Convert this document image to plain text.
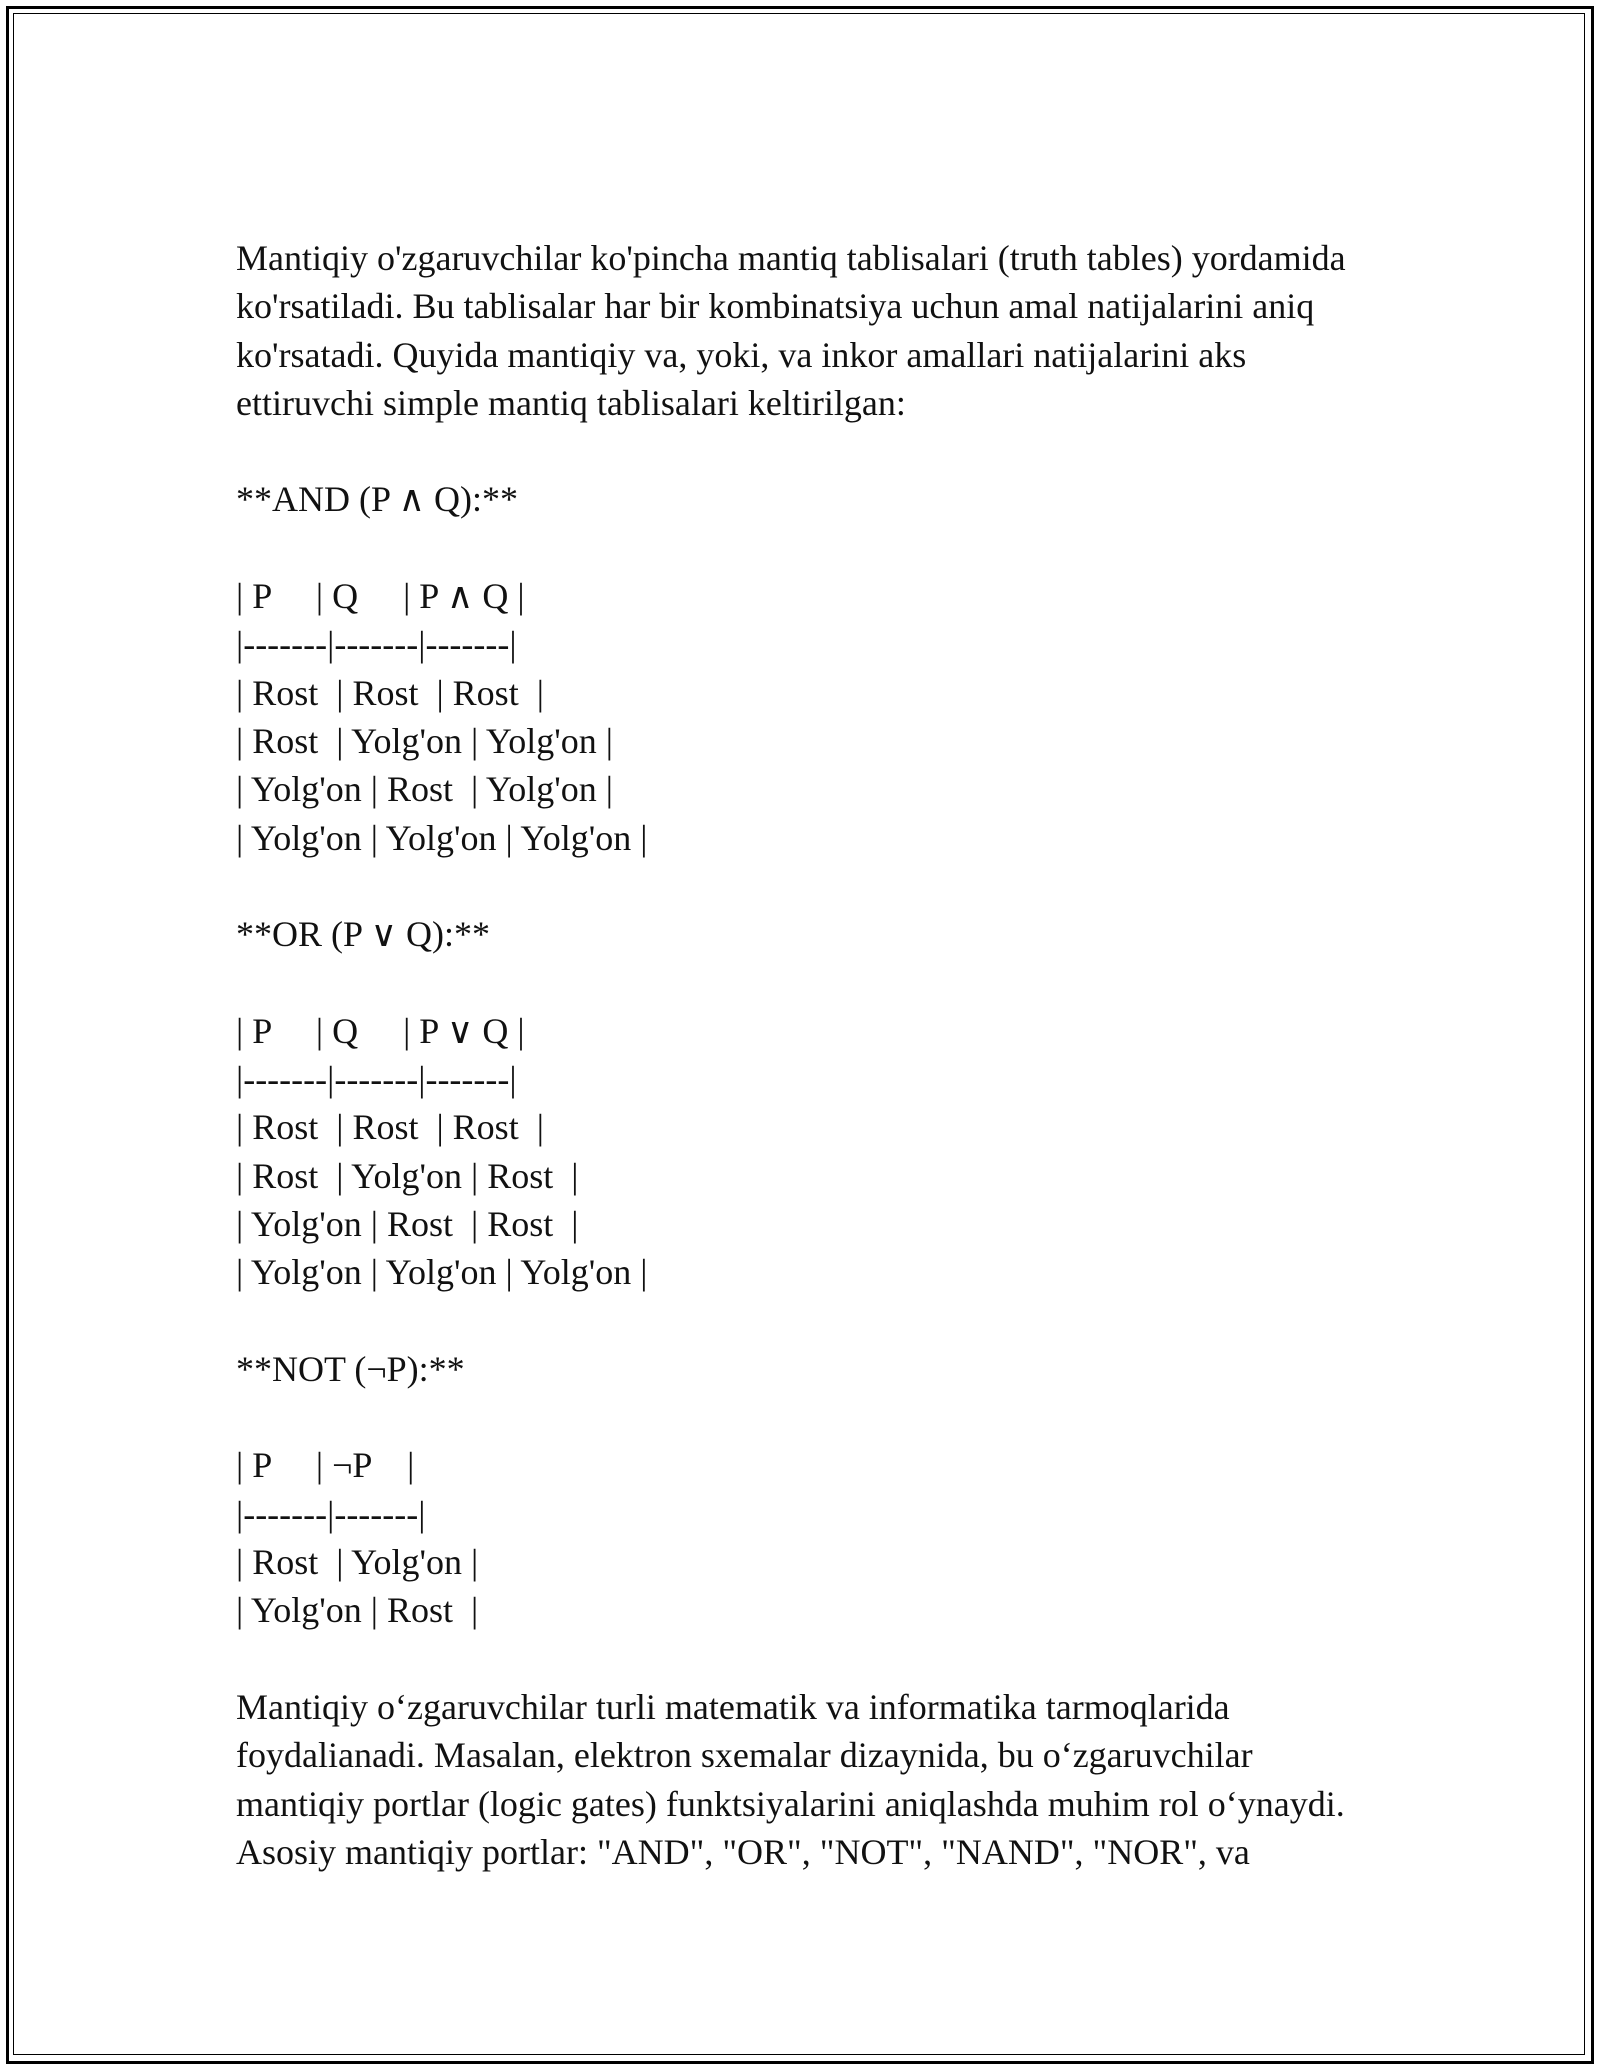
Mantiqiy o'zgaruvchilar ko'pincha mantiq tablisalari (truth tables) yordamida
ko'rsatiladi. Bu tablisalar har bir kombinatsiya uchun amal natijalarini aniq
ko'rsatadi. Quyida mantiqiy va, yoki, va inkor amallari natijalarini aks
ettiruvchi simple mantiq tablisalari keltirilgan:
**AND (P ∧ Q):**
| P     | Q     | P ∧ Q |
|-------|-------|-------|
| Rost  | Rost  | Rost  |
| Rost  | Yolg'on | Yolg'on |
| Yolg'on | Rost  | Yolg'on |
| Yolg'on | Yolg'on | Yolg'on |
**OR (P ∨ Q):**
| P     | Q     | P ∨ Q |
|-------|-------|-------|
| Rost  | Rost  | Rost  |
| Rost  | Yolg'on | Rost  |
| Yolg'on | Rost  | Rost  |
| Yolg'on | Yolg'on | Yolg'on |
**NOT (¬P):**
| P     | ¬P    |
|-------|-------|
| Rost  | Yolg'on |
| Yolg'on | Rost  |
Mantiqiy o‘zgaruvchilar turli matematik va informatika tarmoqlarida
foydalianadi. Masalan, elektron sxemalar dizaynida, bu o‘zgaruvchilar
mantiqiy portlar (logic gates) funktsiyalarini aniqlashda muhim rol o‘ynaydi.
Asosiy mantiqiy portlar: "AND", "OR", "NOT", "NAND", "NOR", va
